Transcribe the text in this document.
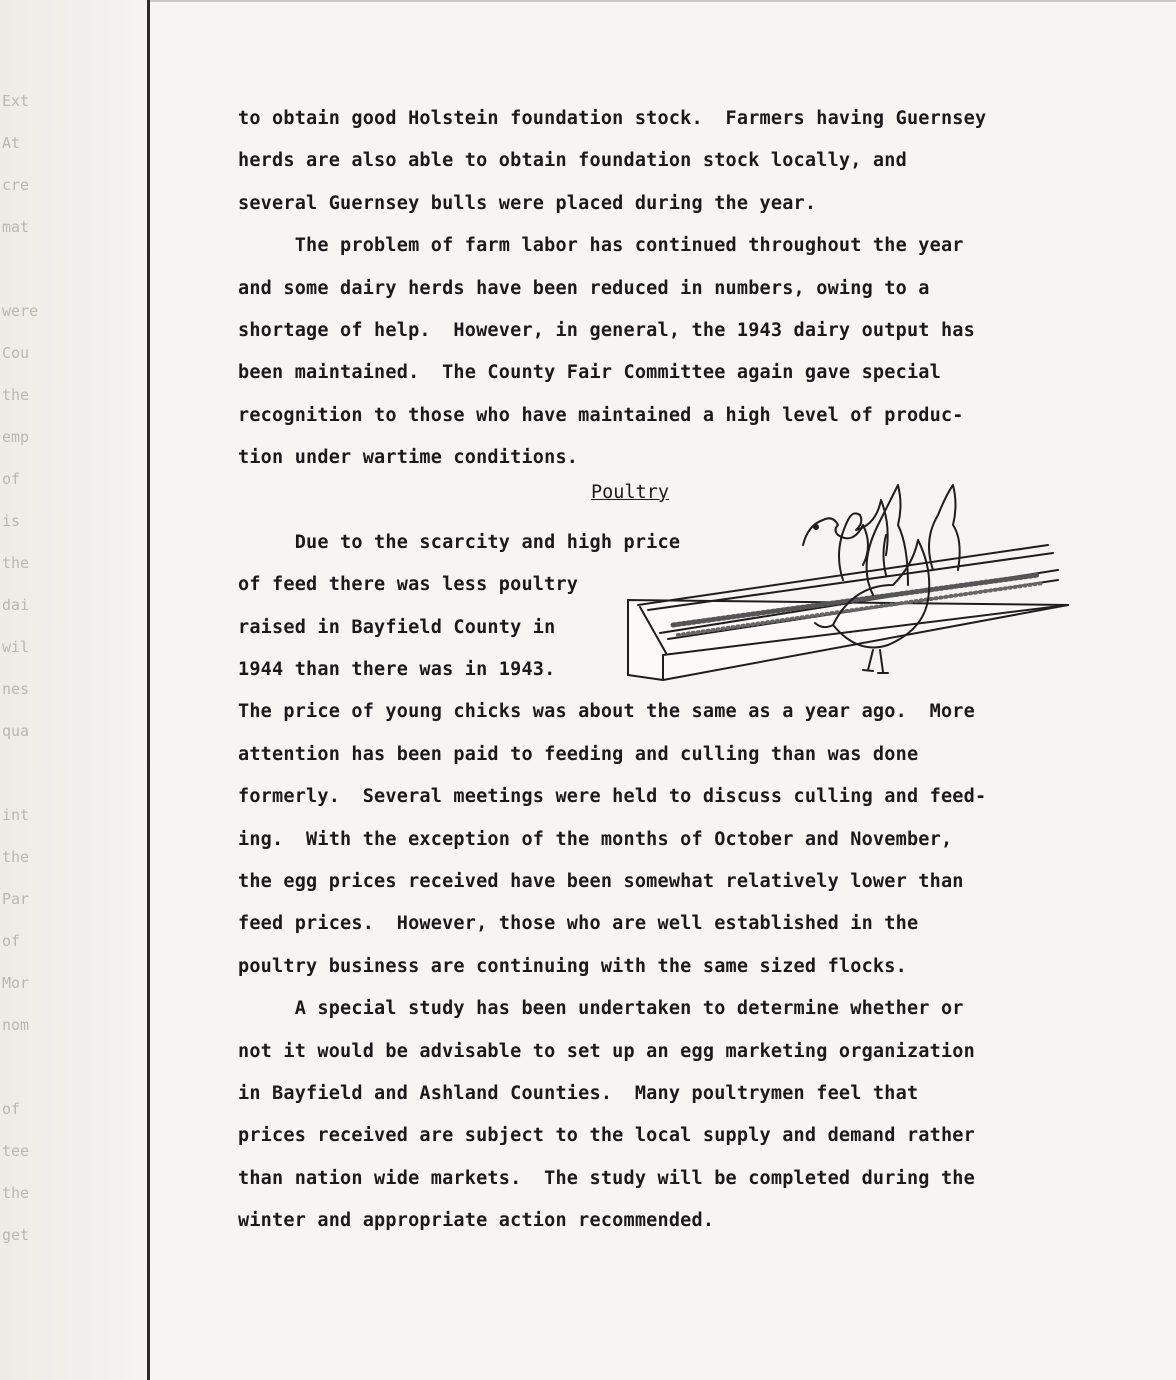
Ext
At
cre
mat
were
Cou
the
emp
of
is
the
dai
wil
nes
qua
int
the
Par
of
Mor
nom
of
tee
the
get
to obtain good Holstein foundation stock.  Farmers having Guernsey
herds are also able to obtain foundation stock locally, and
several Guernsey bulls were placed during the year.
The problem of farm labor has continued throughout the year
and some dairy herds have been reduced in numbers, owing to a
shortage of help.  However, in general, the 1943 dairy output has
been maintained.  The County Fair Committee again gave special
recognition to those who have maintained a high level of produc-
tion under wartime conditions.
Due to the scarcity and high price
of feed there was less poultry
raised in Bayfield County in
1944 than there was in 1943.
The price of young chicks was about the same as a year ago.  More
attention has been paid to feeding and culling than was done
formerly.  Several meetings were held to discuss culling and feed-
ing.  With the exception of the months of October and November,
the egg prices received have been somewhat relatively lower than
feed prices.  However, those who are well established in the
poultry business are continuing with the same sized flocks.
A special study has been undertaken to determine whether or
not it would be advisable to set up an egg marketing organization
in Bayfield and Ashland Counties.  Many poultrymen feel that
prices received are subject to the local supply and demand rather
than nation wide markets.  The study will be completed during the
winter and appropriate action recommended.
Poultry
